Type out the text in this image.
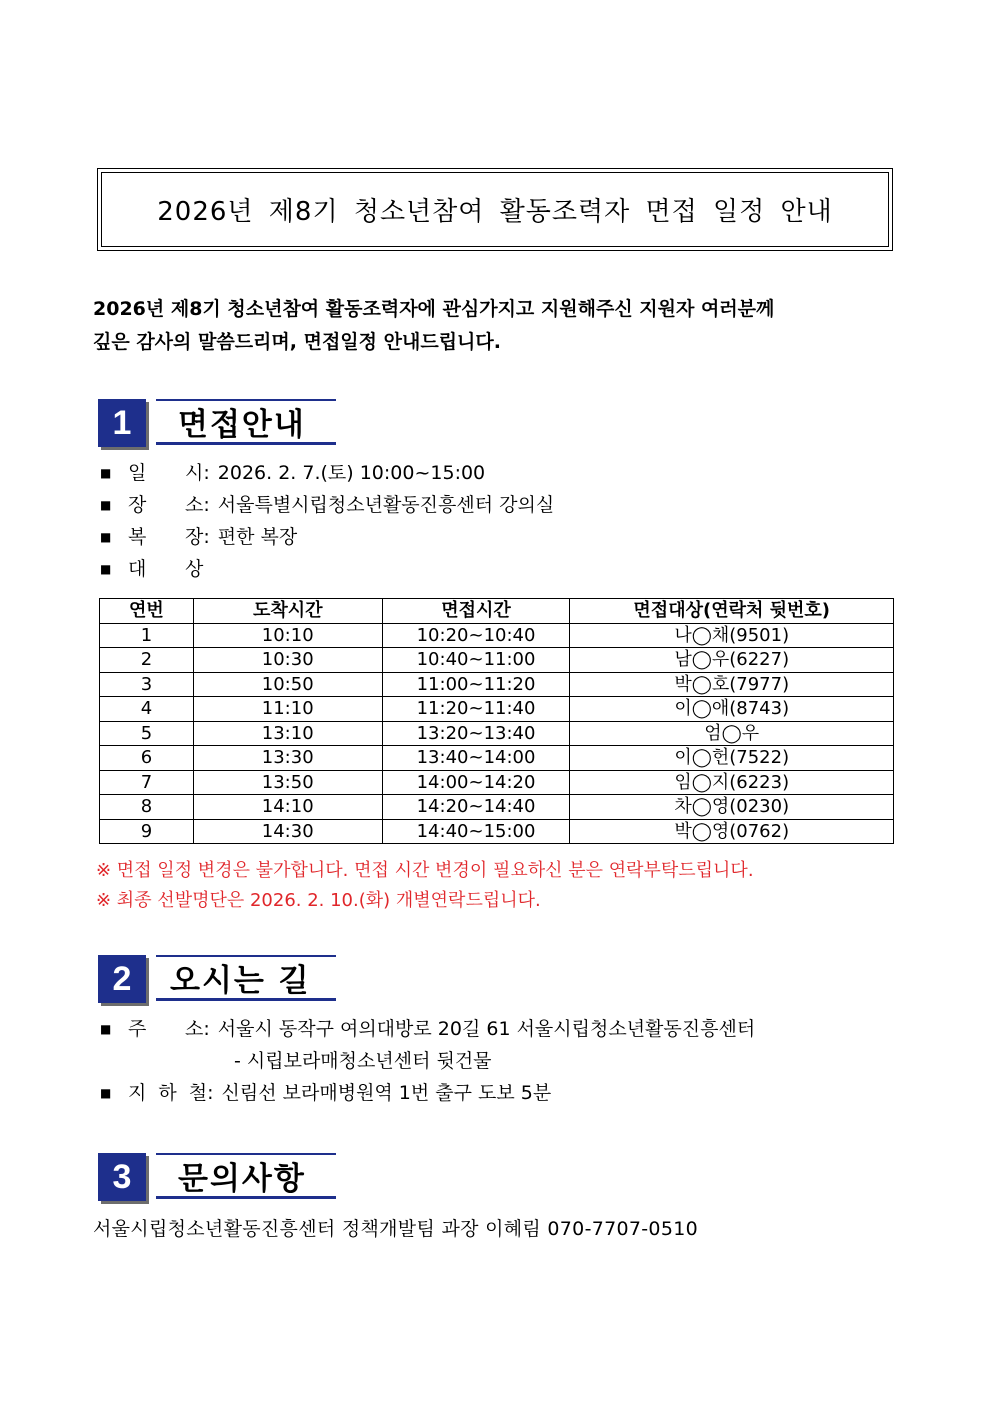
2026년 제8기 청소년참여 활동조력자 면접 일정 안내
2026년 제8기 청소년참여 활동조력자에 관심가지고 지원해주신 지원자 여러분께
깊은 감사의 말씀드리며, 면접일정 안내드립니다.
1	면접안내
■ 일 시 : 2026. 2. 7.(토) 10:00~15:00
■ 장 소 : 서울특별시립청소년활동진흥센터 강의실
■ 복 장 : 편한 복장
■ 대 상
연번	도착시간	면접시간	면접대상(연락처 뒷번호)
1	10:10	10:20~10:40	나◯채(9501)
2	10:30	10:40~11:00	남◯우(6227)
3	10:50	11:00~11:20	박◯호(7977)
4	11:10	11:20~11:40	이◯애(8743)
5	13:10	13:20~13:40	엄◯우
6	13:30	13:40~14:00	이◯헌(7522)
7	13:50	14:00~14:20	임◯지(6223)
8	14:10	14:20~14:40	차◯영(0230)
9	14:30	14:40~15:00	박◯영(0762)
※ 면접 일정 변경은 불가합니다. 면접 시간 변경이 필요하신 분은 연락부탁드립니다.
※ 최종 선발명단은 2026. 2. 10.(화) 개별연락드립니다.
2	오시는 길
■ 주 소 : 서울시 동작구 여의대방로 20길 61 서울시립청소년활동진흥센터
- 시립보라매청소년센터 뒷건물
■ 지 하 철: 신림선 보라매병원역 1번 출구 도보 5분
3	문의사항
서울시립청소년활동진흥센터 정책개발팀 과장 이혜림 070-7707-0510
